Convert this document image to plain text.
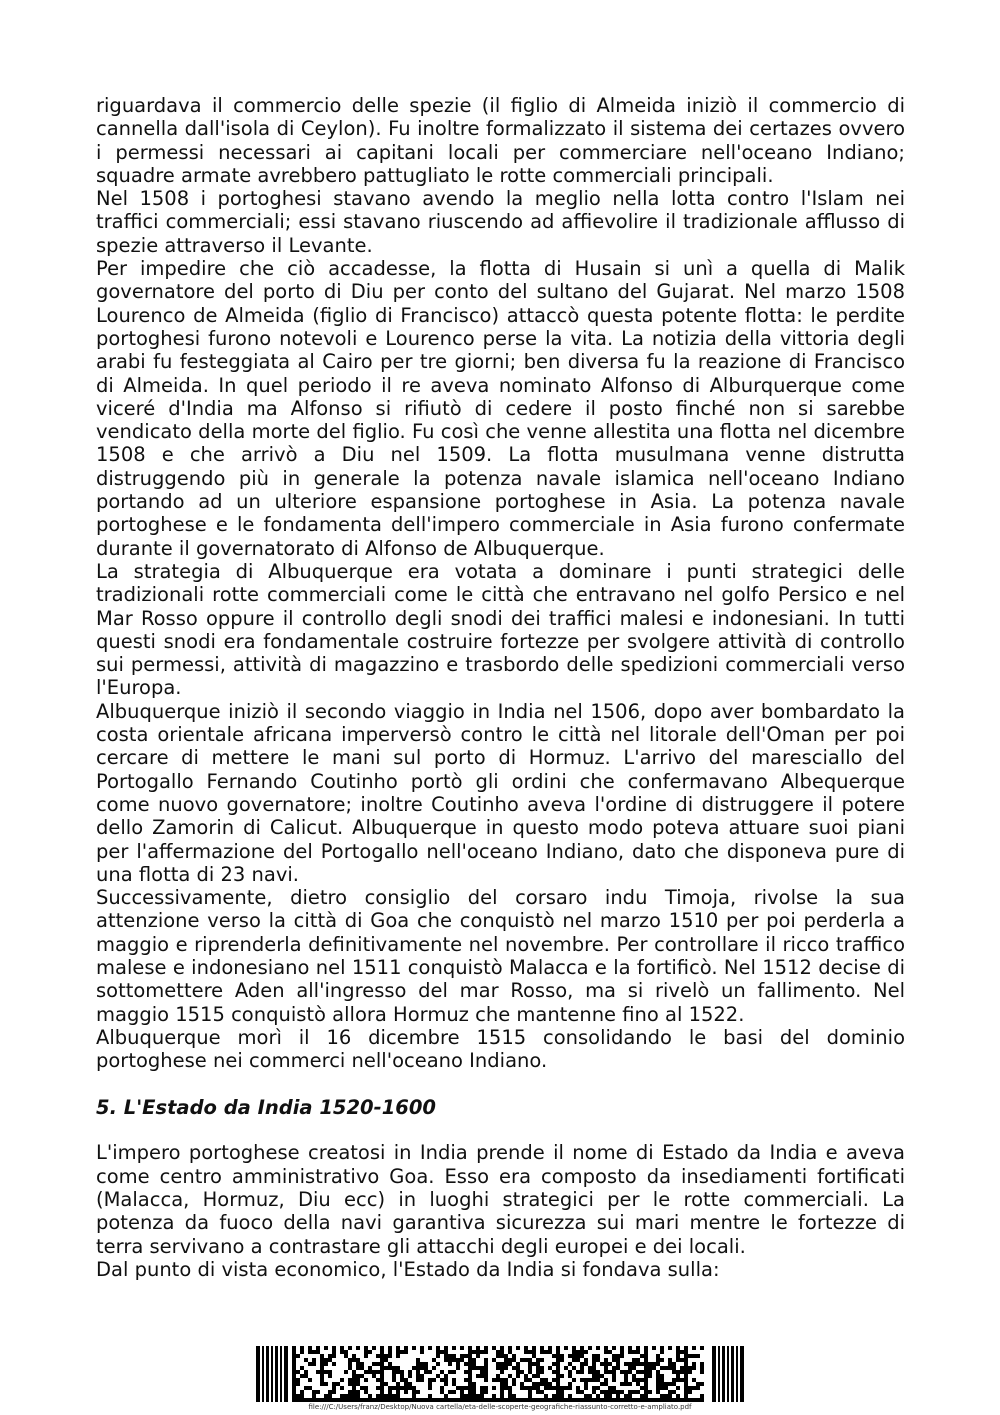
riguardava il commercio delle spezie (il figlio di Almeida iniziò il commercio di cannella dall'isola di Ceylon). Fu inoltre formalizzato il sistema dei certazes ovvero i permessi necessari ai capitani locali per commerciare nell'oceano Indiano; squadre armate avrebbero pattugliato le rotte commerciali principali.

Nel 1508 i portoghesi stavano avendo la meglio nella lotta contro l'Islam nei traffici commerciali; essi stavano riuscendo ad affievolire il tradizionale afflusso di spezie attraverso il Levante.

Per impedire che ciò accadesse, la flotta di Husain si unì a quella di Malik governatore del porto di Diu per conto del sultano del Gujarat. Nel marzo 1508 Lourenco de Almeida (figlio di Francisco) attaccò questa potente flotta: le perdite portoghesi furono notevoli e Lourenco perse la vita. La notizia della vittoria degli arabi fu festeggiata al Cairo per tre giorni; ben diversa fu la reazione di Francisco di Almeida. In quel periodo il re aveva nominato Alfonso di Alburquerque come viceré d'India ma Alfonso si rifiutò di cedere il posto finché non si sarebbe vendicato della morte del figlio. Fu così che venne allestita una flotta nel dicembre 1508 e che arrivò a Diu nel 1509. La flotta musulmana venne distrutta distruggendo più in generale la potenza navale islamica nell'oceano Indiano portando ad un ulteriore espansione portoghese in Asia. La potenza navale portoghese e le fondamenta dell'impero commerciale in Asia furono confermate durante il governatorato di Alfonso de Albuquerque.

La strategia di Albuquerque era votata a dominare i punti strategici delle tradizionali rotte commerciali come le città che entravano nel golfo Persico e nel Mar Rosso oppure il controllo degli snodi dei traffici malesi e indonesiani. In tutti questi snodi era fondamentale costruire fortezze per svolgere attività di controllo sui permessi, attività di magazzino e trasbordo delle spedizioni commerciali verso l'Europa.

Albuquerque iniziò il secondo viaggio in India nel 1506, dopo aver bombardato la costa orientale africana imperversò contro le città nel litorale dell'Oman per poi cercare di mettere le mani sul porto di Hormuz. L'arrivo del maresciallo del Portogallo Fernando Coutinho portò gli ordini che confermavano Albequerque come nuovo governatore; inoltre Coutinho aveva l'ordine di distruggere il potere dello Zamorin di Calicut. Albuquerque in questo modo poteva attuare suoi piani per l'affermazione del Portogallo nell'oceano Indiano, dato che disponeva pure di una flotta di 23 navi.

Successivamente, dietro consiglio del corsaro indu Timoja, rivolse la sua attenzione verso la città di Goa che conquistò nel marzo 1510 per poi perderla a maggio e riprenderla definitivamente nel novembre. Per controllare il ricco traffico malese e indonesiano nel 1511 conquistò Malacca e la fortificò. Nel 1512 decise di sottomettere Aden all'ingresso del mar Rosso, ma si rivelò un fallimento. Nel maggio 1515 conquistò allora Hormuz che mantenne fino al 1522.

Albuquerque morì il 16 dicembre 1515 consolidando le basi del dominio portoghese nei commerci nell'oceano Indiano.

5. L'Estado da India 1520-1600

L'impero portoghese creatosi in India prende il nome di Estado da India e aveva come centro amministrativo Goa. Esso era composto da insediamenti fortificati (Malacca, Hormuz, Diu ecc) in luoghi strategici per le rotte commerciali. La potenza da fuoco della navi garantiva sicurezza sui mari mentre le fortezze di terra servivano a contrastare gli attacchi degli europei e dei locali.

Dal punto di vista economico, l'Estado da India si fondava sulla:

file:///C:/Users/franz/Desktop/Nuova cartella/eta-delle-scoperte-geografiche-riassunto-corretto-e-ampliato.pdf
